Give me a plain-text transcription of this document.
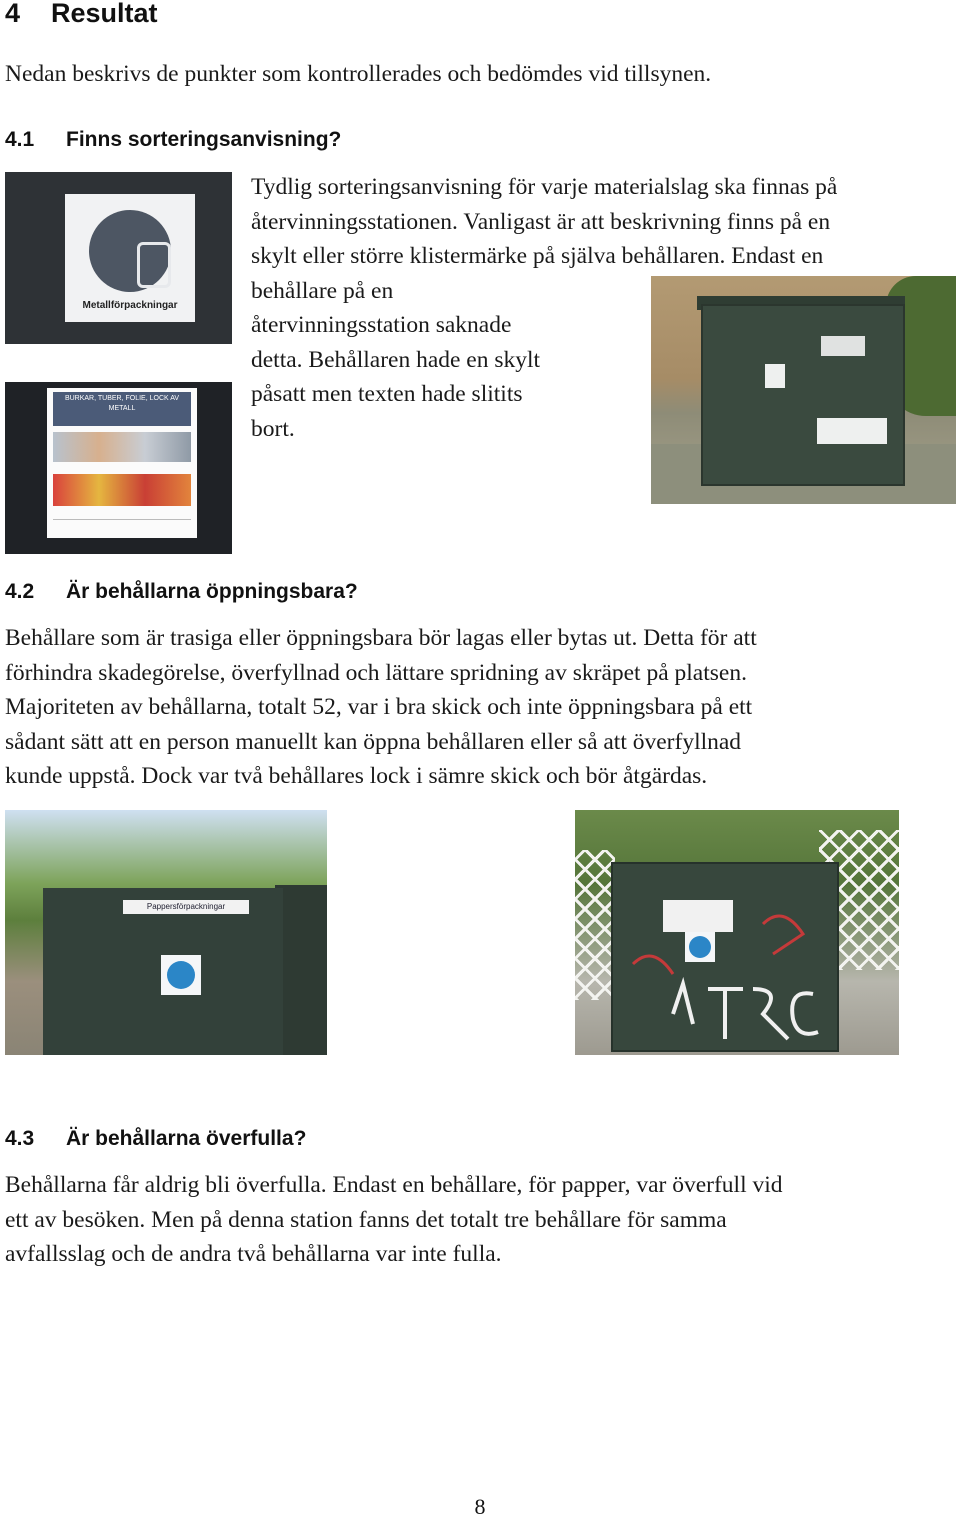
4 Resultat
Nedan beskrivs de punkter som kontrollerades och bedömdes vid tillsynen.
4.1 Finns sorteringsanvisning?
Tydlig sorteringsanvisning för varje materialslag ska finnas på
återvinningsstationen. Vanligast är att beskrivning finns på en
skylt eller större klistermärke på själva behållaren. Endast en
behållare på en
återvinningsstation saknade
detta. Behållaren hade en skylt
påsatt men texten hade slitits
bort.
Metallförpackningar
BURKAR, TUBER, FOLIE, LOCK AV METALL
4.2 Är behållarna öppningsbara?
Behållare som är trasiga eller öppningsbara bör lagas eller bytas ut. Detta för att
förhindra skadegörelse, överfyllnad och lättare spridning av skräpet på platsen.
Majoriteten av behållarna, totalt 52, var i bra skick och inte öppningsbara på ett
sådant sätt att en person manuellt kan öppna behållaren eller så att överfyllnad
kunde uppstå. Dock var två behållares lock i sämre skick och bör åtgärdas.
Pappersförpackningar
4.3 Är behållarna överfulla?
Behållarna får aldrig bli överfulla. Endast en behållare, för papper, var överfull vid
ett av besöken. Men på denna station fanns det totalt tre behållare för samma
avfallsslag och de andra två behållarna var inte fulla.
8
